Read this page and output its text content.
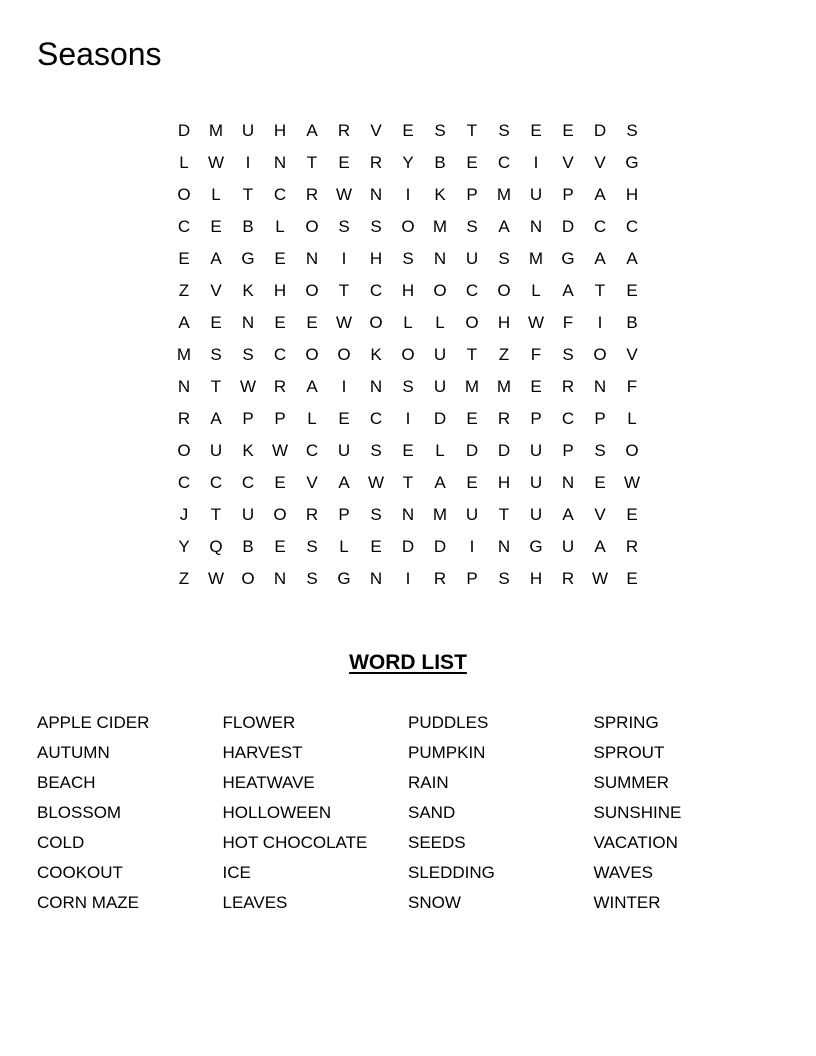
Seasons
D	M	U	H	A	R	V	E	S	T	S	E	E	D	S
L	W	I	N	T	E	R	Y	B	E	C	I	V	V	G
O	L	T	C	R	W	N	I	K	P	M	U	P	A	H
C	E	B	L	O	S	S	O	M	S	A	N	D	C	C
E	A	G	E	N	I	H	S	N	U	S	M	G	A	A
Z	V	K	H	O	T	C	H	O	C	O	L	A	T	E
A	E	N	E	E	W	O	L	L	O	H	W	F	I	B
M	S	S	C	O	O	K	O	U	T	Z	F	S	O	V
N	T	W	R	A	I	N	S	U	M	M	E	R	N	F
R	A	P	P	L	E	C	I	D	E	R	P	C	P	L
O	U	K	W	C	U	S	E	L	D	D	U	P	S	O
C	C	C	E	V	A	W	T	A	E	H	U	N	E	W
J	T	U	O	R	P	S	N	M	U	T	U	A	V	E
Y	Q	B	E	S	L	E	D	D	I	N	G	U	A	R
Z	W	O	N	S	G	N	I	R	P	S	H	R	W	E
WORD LIST
APPLE CIDER
AUTUMN
BEACH
BLOSSOM
COLD
COOKOUT
CORN MAZE
FLOWER
HARVEST
HEATWAVE
HOLLOWEEN
HOT CHOCOLATE
ICE
LEAVES
PUDDLES
PUMPKIN
RAIN
SAND
SEEDS
SLEDDING
SNOW
SPRING
SPROUT
SUMMER
SUNSHINE
VACATION
WAVES
WINTER
